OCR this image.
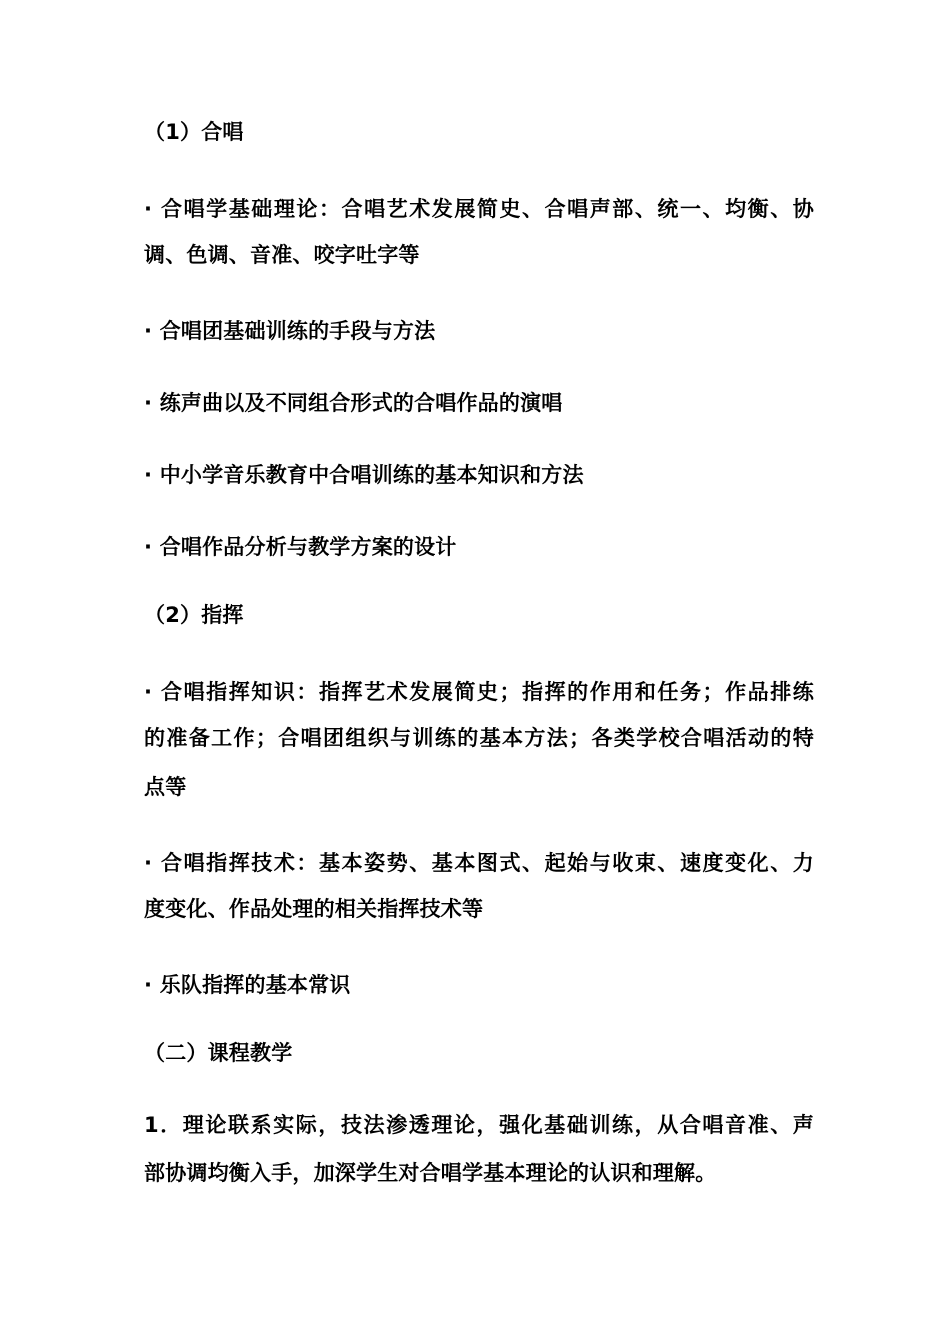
（1）合唱
· 合唱学基础理论：合唱艺术发展简史、合唱声部、统一、均衡、协
调、色调、音准、咬字吐字等
· 合唱团基础训练的手段与方法
· 练声曲以及不同组合形式的合唱作品的演唱
· 中小学音乐教育中合唱训练的基本知识和方法
· 合唱作品分析与教学方案的设计
（2）指挥
· 合唱指挥知识：指挥艺术发展简史；指挥的作用和任务；作品排练
的准备工作；合唱团组织与训练的基本方法；各类学校合唱活动的特
点等
· 合唱指挥技术：基本姿势、基本图式、起始与收束、速度变化、力
度变化、作品处理的相关指挥技术等
· 乐队指挥的基本常识
（二）课程教学
1．理论联系实际，技法渗透理论，强化基础训练，从合唱音准、声
部协调均衡入手，加深学生对合唱学基本理论的认识和理解。
